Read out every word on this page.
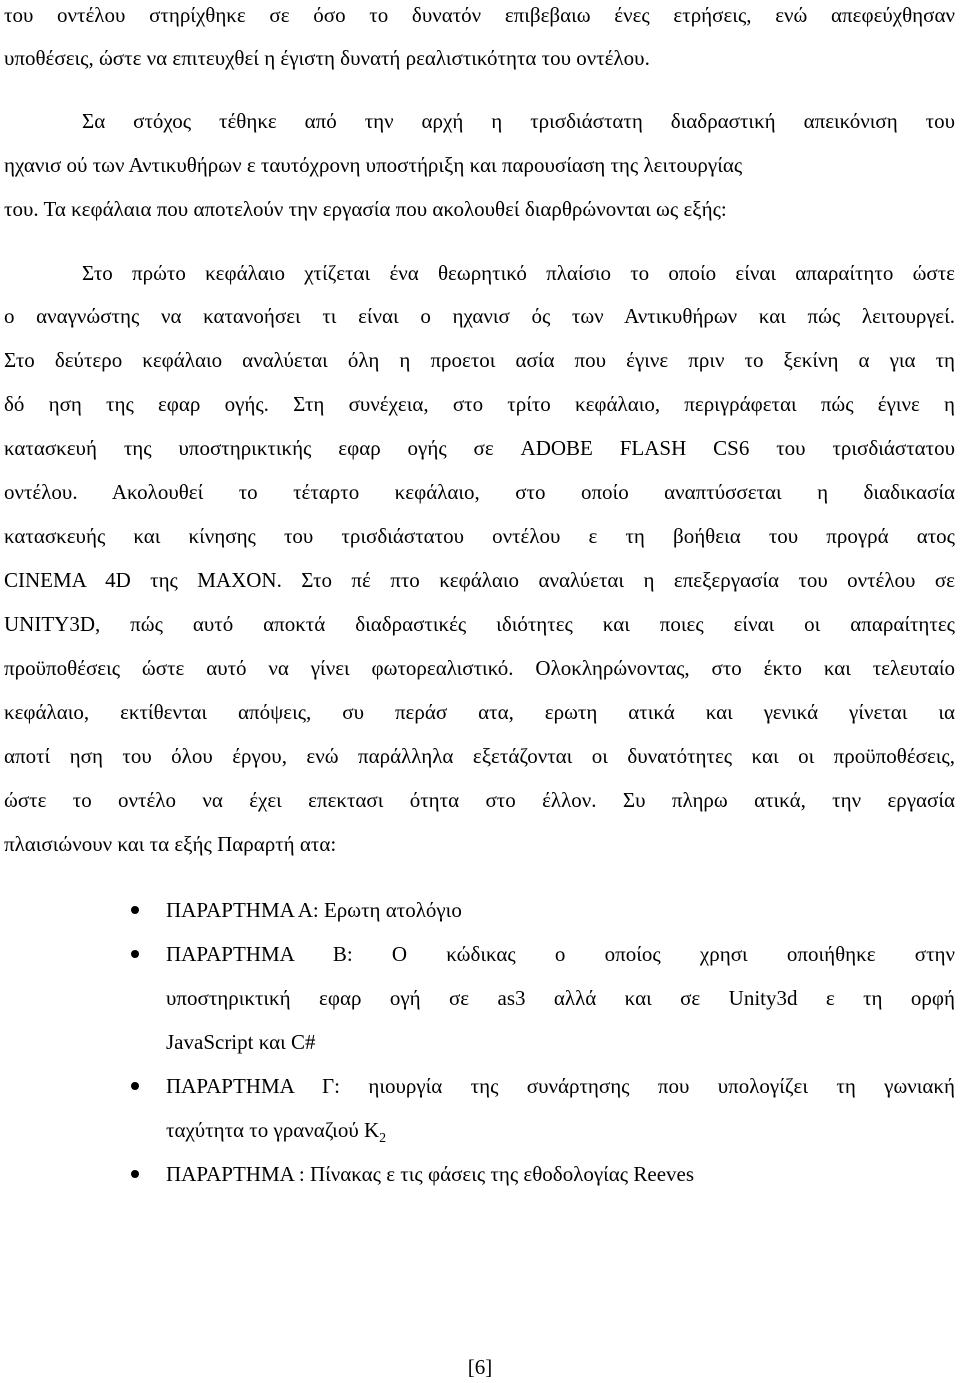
του οντέλου στηρίχθηκε σε όσο το δυνατόν επιβεβαιω ένες ετρήσεις, ενώ απεφεύχθησαν
υποθέσεις, ώστε να επιτευχθεί η έγιστη δυνατή ρεαλιστικότητα του οντέλου.
Σα στόχος τέθηκε από την αρχή η τρισδιάστατη διαδραστική απεικόνιση του
ηχανισ ού των Αντικυθήρων ε ταυτόχρονη υποστήριξη και παρουσίαση της λειτουργίας
του. Τα κεφάλαια που αποτελούν την εργασία που ακολουθεί διαρθρώνονται ως εξής:
Στο πρώτο κεφάλαιο χτίζεται ένα θεωρητικό πλαίσιο το οποίο είναι απαραίτητο ώστε
ο αναγνώστης να κατανοήσει τι είναι ο ηχανισ ός των Αντικυθήρων και πώς λειτουργεί.
Στο δεύτερο κεφάλαιο αναλύεται όλη η προετοι ασία που έγινε πριν το ξεκίνη α για τη
δό ηση της εφαρ ογής. Στη συνέχεια, στο τρίτο κεφάλαιο, περιγράφεται πώς έγινε η
κατασκευή της υποστηρικτικής εφαρ ογής σε ADOBE FLASH CS6 του τρισδιάστατου
οντέλου. Ακολουθεί το τέταρτο κεφάλαιο, στο οποίο αναπτύσσεται η διαδικασία
κατασκευής και κίνησης του τρισδιάστατου οντέλου ε τη βοήθεια του προγρά ατος
CINEMA 4D της MAXON. Στο πέ πτο κεφάλαιο αναλύεται η επεξεργασία του οντέλου σε
UNITY3D, πώς αυτό αποκτά διαδραστικές ιδιότητες και ποιες είναι οι απαραίτητες
προϋποθέσεις ώστε αυτό να γίνει φωτορεαλιστικό. Ολοκληρώνοντας, στο έκτο και τελευταίο
κεφάλαιο, εκτίθενται απόψεις, συ περάσ ατα, ερωτη ατικά και γενικά γίνεται ια
αποτί ηση του όλου έργου, ενώ παράλληλα εξετάζονται οι δυνατότητες και οι προϋποθέσεις,
ώστε το οντέλο να έχει επεκτασι ότητα στο έλλον. Συ πληρω ατικά, την εργασία
πλαισιώνουν και τα εξής Παραρτή ατα:
ΠΑΡΑΡΤΗΜΑ Α: Ερωτη ατολόγιο
ΠΑΡΑΡΤΗΜΑ Β: Ο κώδικας ο οποίος χρησι οποιήθηκε στην
υποστηρικτική εφαρ ογή σε as3 αλλά και σε Unity3d ε τη ορφή
JavaScript και C#
ΠΑΡΑΡΤΗΜΑ Γ: ηιουργία της συνάρτησης που υπολογίζει τη γωνιακή
ταχύτητα το γραναζιού $K_2$
ΠΑΡΑΡΤΗΜΑ : Πίνακας ε τις φάσεις της εθοδολογίας Reeves
[6]
